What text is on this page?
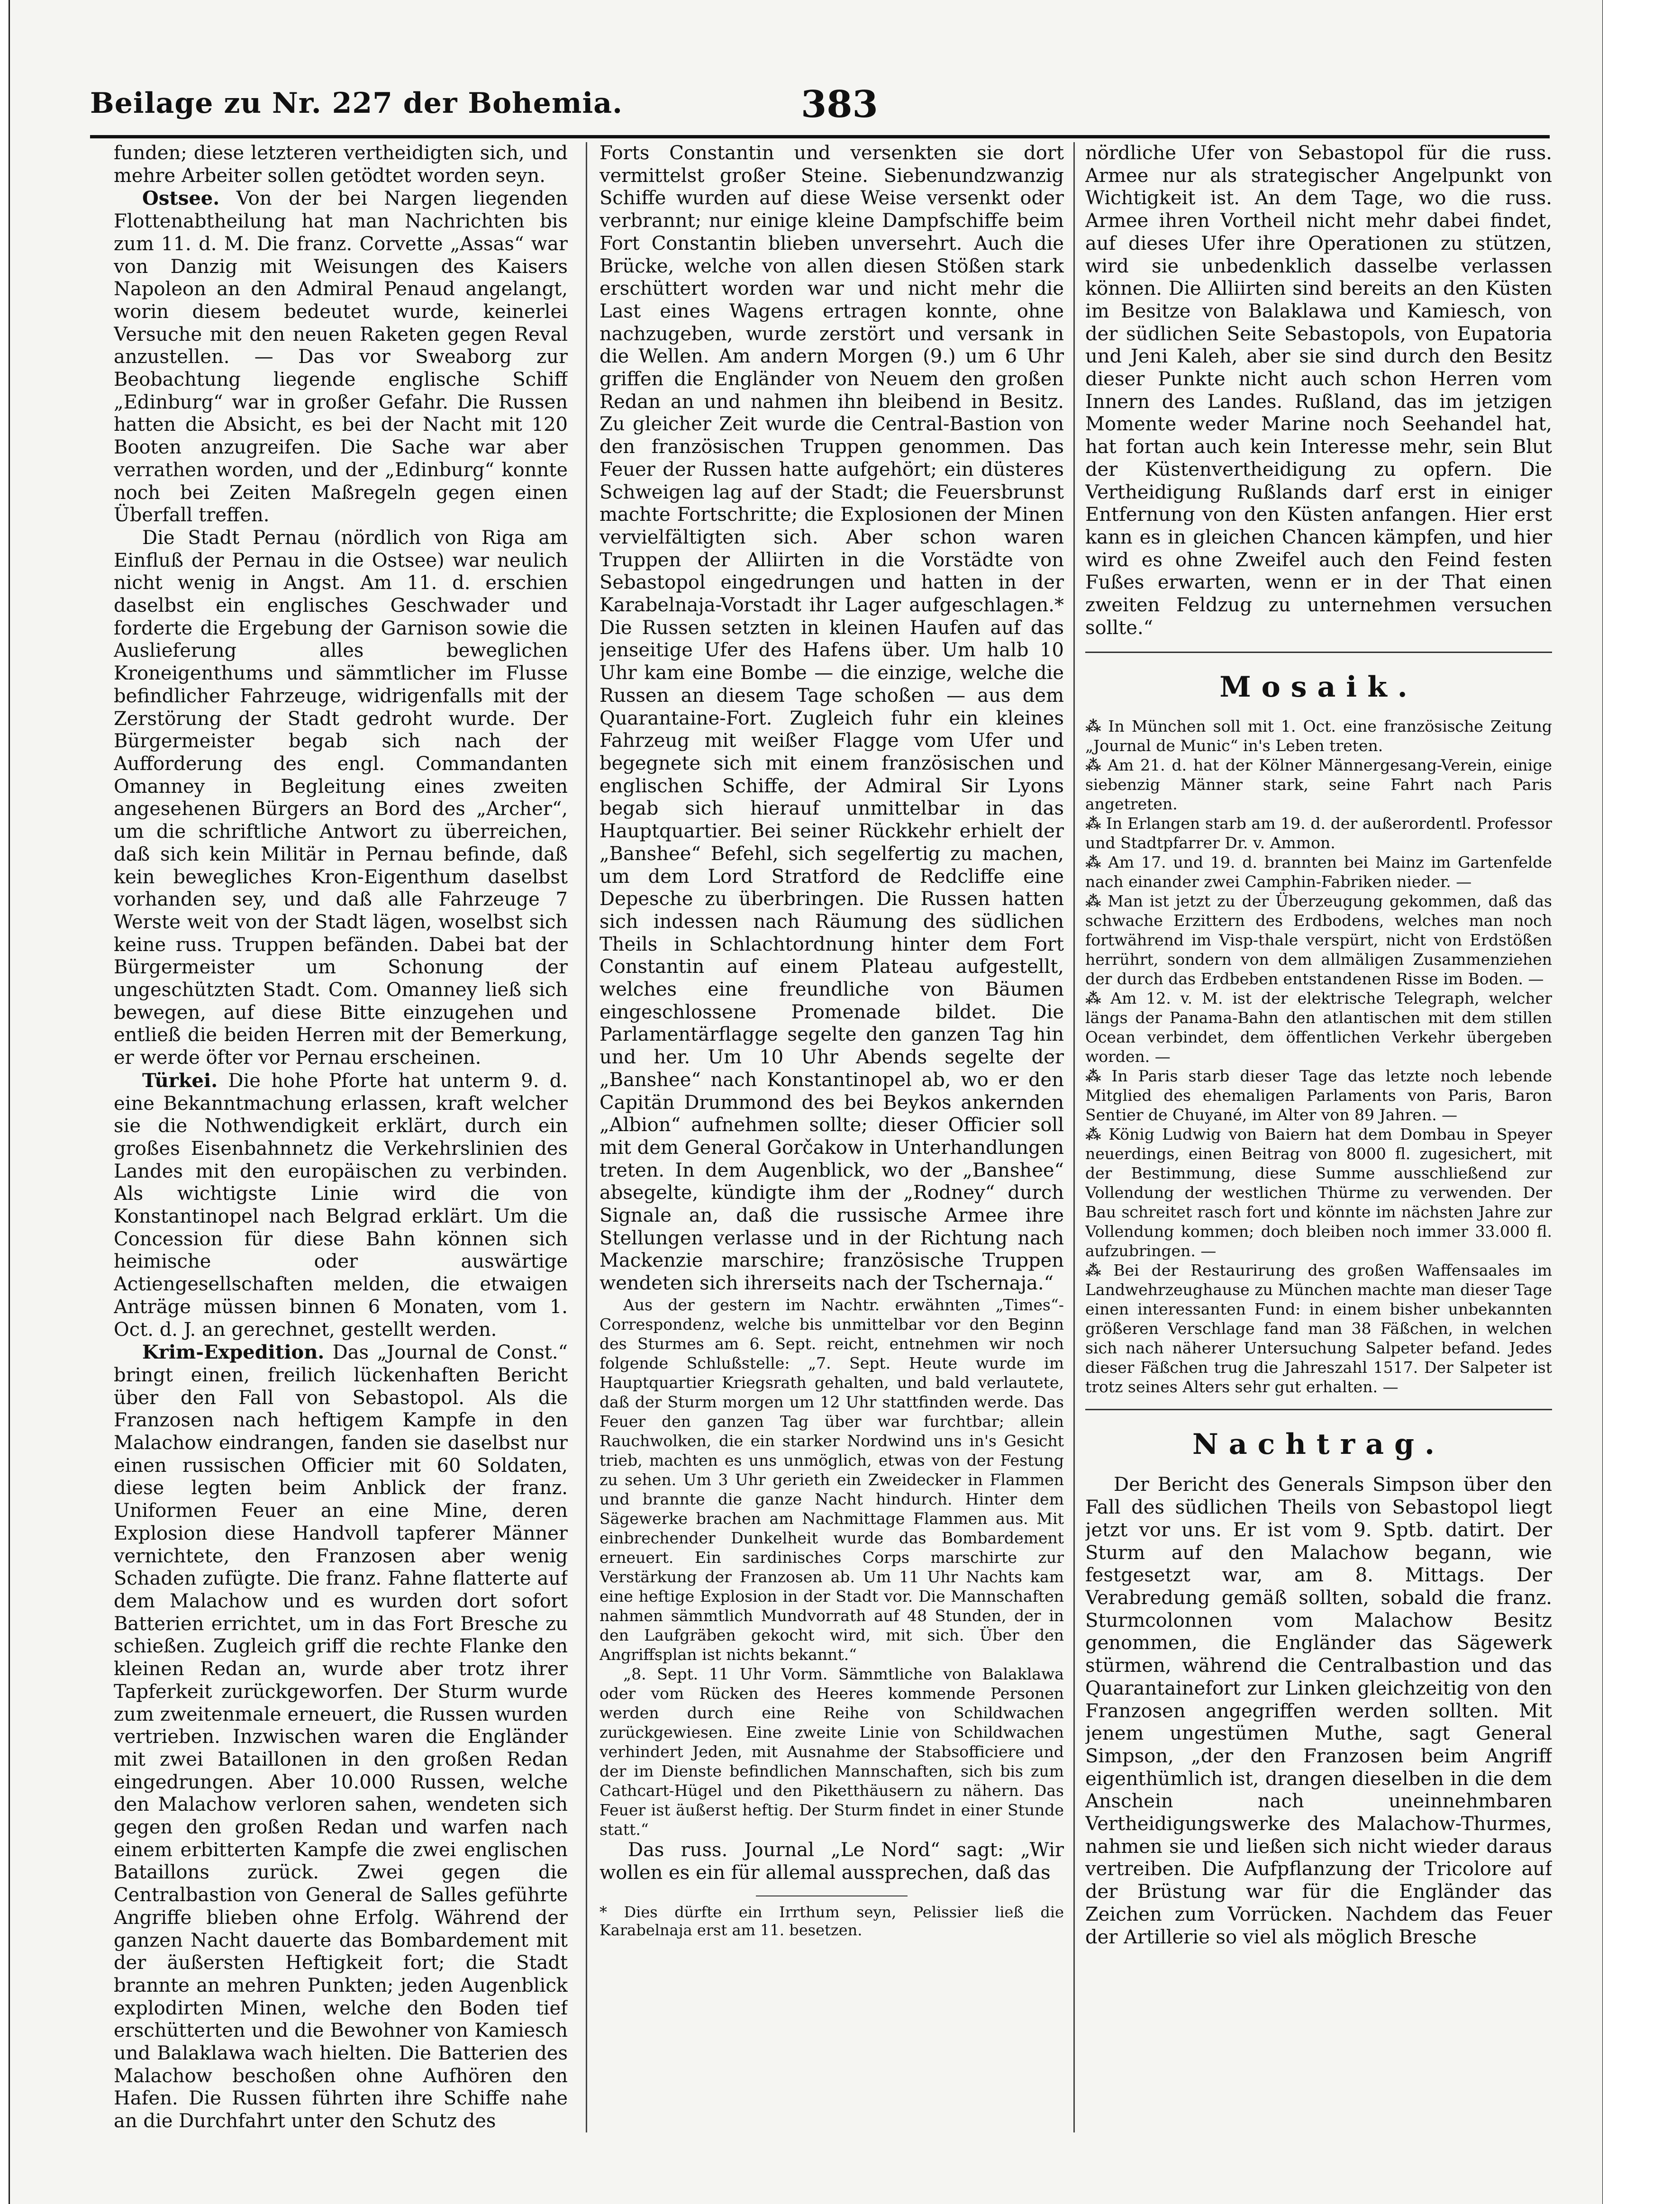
Beilage zu Nr. 227 der Bohemia.	383

funden; diese letzteren vertheidigten sich, und mehre Arbeiter sollen getödtet worden seyn.

Ostsee. Von der bei Nargen liegenden Flottenabtheilung hat man Nachrichten bis zum 11. d. M. Die franz. Corvette „Assas“ war von Danzig mit Weisungen des Kaisers Napoleon an den Admiral Penaud angelangt, worin diesem bedeutet wurde, keinerlei Versuche mit den neuen Raketen gegen Reval anzustellen. — Das vor Sweaborg zur Beobachtung liegende englische Schiff „Edinburg“ war in großer Gefahr. Die Russen hatten die Absicht, es bei der Nacht mit 120 Booten anzugreifen. Die Sache war aber verrathen worden, und der „Edinburg“ konnte noch bei Zeiten Maßregeln gegen einen Überfall treffen.

Die Stadt Pernau (nördlich von Riga am Einfluß der Pernau in die Ostsee) war neulich nicht wenig in Angst. Am 11. d. erschien daselbst ein englisches Geschwader und forderte die Ergebung der Garnison sowie die Auslieferung alles beweglichen Kroneigenthums und sämmtlicher im Flusse befindlicher Fahrzeuge, widrigenfalls mit der Zerstörung der Stadt gedroht wurde. Der Bürgermeister begab sich nach der Aufforderung des engl. Commandanten Omanney in Begleitung eines zweiten angesehenen Bürgers an Bord des „Archer“, um die schriftliche Antwort zu überreichen, daß sich kein Militär in Pernau befinde, daß kein bewegliches Kron-Eigenthum daselbst vorhanden sey, und daß alle Fahrzeuge 7 Werste weit von der Stadt lägen, woselbst sich keine russ. Truppen befänden. Dabei bat der Bürgermeister um Schonung der ungeschützten Stadt. Com. Omanney ließ sich bewegen, auf diese Bitte einzugehen und entließ die beiden Herren mit der Bemerkung, er werde öfter vor Pernau erscheinen.

Türkei. Die hohe Pforte hat unterm 9. d. eine Bekanntmachung erlassen, kraft welcher sie die Nothwendigkeit erklärt, durch ein großes Eisenbahnnetz die Verkehrslinien des Landes mit den europäischen zu verbinden. Als wichtigste Linie wird die von Konstantinopel nach Belgrad erklärt. Um die Concession für diese Bahn können sich heimische oder auswärtige Actiengesellschaften melden, die etwaigen Anträge müssen binnen 6 Monaten, vom 1. Oct. d. J. an gerechnet, gestellt werden.

Krim-Expedition. Das „Journal de Const.“ bringt einen, freilich lückenhaften Bericht über den Fall von Sebastopol. Als die Franzosen nach heftigem Kampfe in den Malachow eindrangen, fanden sie daselbst nur einen russischen Officier mit 60 Soldaten, diese legten beim Anblick der franz. Uniformen Feuer an eine Mine, deren Explosion diese Handvoll tapferer Männer vernichtete, den Franzosen aber wenig Schaden zufügte. Die franz. Fahne flatterte auf dem Malachow und es wurden dort sofort Batterien errichtet, um in das Fort Bresche zu schießen. Zugleich griff die rechte Flanke den kleinen Redan an, wurde aber trotz ihrer Tapferkeit zurückgeworfen. Der Sturm wurde zum zweitenmale erneuert, die Russen wurden vertrieben. Inzwischen waren die Engländer mit zwei Bataillonen in den großen Redan eingedrungen. Aber 10.000 Russen, welche den Malachow verloren sahen, wendeten sich gegen den großen Redan und warfen nach einem erbitterten Kampfe die zwei englischen Bataillons zurück. Zwei gegen die Centralbastion von General de Salles geführte Angriffe blieben ohne Erfolg. Während der ganzen Nacht dauerte das Bombardement mit der äußersten Heftigkeit fort; die Stadt brannte an mehren Punkten; jeden Augenblick explodirten Minen, welche den Boden tief erschütterten und die Bewohner von Kamiesch und Balaklawa wach hielten. Die Batterien des Malachow beschoßen ohne Aufhören den Hafen. Die Russen führten ihre Schiffe nahe an die Durchfahrt unter den Schutz des

Forts Constantin und versenkten sie dort vermittelst großer Steine. Siebenundzwanzig Schiffe wurden auf diese Weise versenkt oder verbrannt; nur einige kleine Dampfschiffe beim Fort Constantin blieben unversehrt. Auch die Brücke, welche von allen diesen Stößen stark erschüttert worden war und nicht mehr die Last eines Wagens ertragen konnte, ohne nachzugeben, wurde zerstört und versank in die Wellen. Am andern Morgen (9.) um 6 Uhr griffen die Engländer von Neuem den großen Redan an und nahmen ihn bleibend in Besitz. Zu gleicher Zeit wurde die Central-Bastion von den französischen Truppen genommen. Das Feuer der Russen hatte aufgehört; ein düsteres Schweigen lag auf der Stadt; die Feuersbrunst machte Fortschritte; die Explosionen der Minen vervielfältigten sich. Aber schon waren Truppen der Alliirten in die Vorstädte von Sebastopol eingedrungen und hatten in der Karabelnaja-Vorstadt ihr Lager aufgeschlagen.* Die Russen setzten in kleinen Haufen auf das jenseitige Ufer des Hafens über. Um halb 10 Uhr kam eine Bombe — die einzige, welche die Russen an diesem Tage schoßen — aus dem Quarantaine-Fort. Zugleich fuhr ein kleines Fahrzeug mit weißer Flagge vom Ufer und begegnete sich mit einem französischen und englischen Schiffe, der Admiral Sir Lyons begab sich hierauf unmittelbar in das Hauptquartier. Bei seiner Rückkehr erhielt der „Banshee“ Befehl, sich segelfertig zu machen, um dem Lord Stratford de Redcliffe eine Depesche zu überbringen. Die Russen hatten sich indessen nach Räumung des südlichen Theils in Schlachtordnung hinter dem Fort Constantin auf einem Plateau aufgestellt, welches eine freundliche von Bäumen eingeschlossene Promenade bildet. Die Parlamentärflagge segelte den ganzen Tag hin und her. Um 10 Uhr Abends segelte der „Banshee“ nach Konstantinopel ab, wo er den Capitän Drummond des bei Beykos ankernden „Albion“ aufnehmen sollte; dieser Officier soll mit dem General Gorčakow in Unterhandlungen treten. In dem Augenblick, wo der „Banshee“ absegelte, kündigte ihm der „Rodney“ durch Signale an, daß die russische Armee ihre Stellungen verlasse und in der Richtung nach Mackenzie marschire; französische Truppen wendeten sich ihrerseits nach der Tschernaja.“

Aus der gestern im Nachtr. erwähnten „Times“-Correspondenz, welche bis unmittelbar vor den Beginn des Sturmes am 6. Sept. reicht, entnehmen wir noch folgende Schlußstelle: „7. Sept. Heute wurde im Hauptquartier Kriegsrath gehalten, und bald verlautete, daß der Sturm morgen um 12 Uhr stattfinden werde. Das Feuer den ganzen Tag über war furchtbar; allein Rauchwolken, die ein starker Nordwind uns in's Gesicht trieb, machten es uns unmöglich, etwas von der Festung zu sehen. Um 3 Uhr gerieth ein Zweidecker in Flammen und brannte die ganze Nacht hindurch. Hinter dem Sägewerke brachen am Nachmittage Flammen aus. Mit einbrechender Dunkelheit wurde das Bombardement erneuert. Ein sardinisches Corps marschirte zur Verstärkung der Franzosen ab. Um 11 Uhr Nachts kam eine heftige Explosion in der Stadt vor. Die Mannschaften nahmen sämmtlich Mundvorrath auf 48 Stunden, der in den Laufgräben gekocht wird, mit sich. Über den Angriffsplan ist nichts bekannt.“

„8. Sept. 11 Uhr Vorm. Sämmtliche von Balaklawa oder vom Rücken des Heeres kommende Personen werden durch eine Reihe von Schildwachen zurückgewiesen. Eine zweite Linie von Schildwachen verhindert Jeden, mit Ausnahme der Stabsofficiere und der im Dienste befindlichen Mannschaften, sich bis zum Cathcart-Hügel und den Piketthäusern zu nähern. Das Feuer ist äußerst heftig. Der Sturm findet in einer Stunde statt.“

Das russ. Journal „Le Nord“ sagt: „Wir wollen es ein für allemal aussprechen, daß das

* Dies dürfte ein Irrthum seyn, Pelissier ließ die Karabelnaja erst am 11. besetzen.

nördliche Ufer von Sebastopol für die russ. Armee nur als strategischer Angelpunkt von Wichtigkeit ist. An dem Tage, wo die russ. Armee ihren Vortheil nicht mehr dabei findet, auf dieses Ufer ihre Operationen zu stützen, wird sie unbedenklich dasselbe verlassen können. Die Alliirten sind bereits an den Küsten im Besitze von Balaklawa und Kamiesch, von der südlichen Seite Sebastopols, von Eupatoria und Jeni Kaleh, aber sie sind durch den Besitz dieser Punkte nicht auch schon Herren vom Innern des Landes. Rußland, das im jetzigen Momente weder Marine noch Seehandel hat, hat fortan auch kein Interesse mehr, sein Blut der Küstenvertheidigung zu opfern. Die Vertheidigung Rußlands darf erst in einiger Entfernung von den Küsten anfangen. Hier erst kann es in gleichen Chancen kämpfen, und hier wird es ohne Zweifel auch den Feind festen Fußes erwarten, wenn er in der That einen zweiten Feldzug zu unternehmen versuchen sollte.“

Mosaik.

⁂ In München soll mit 1. Oct. eine französische Zeitung „Journal de Munic“ in's Leben treten.

⁂ Am 21. d. hat der Kölner Männergesang-Verein, einige siebenzig Männer stark, seine Fahrt nach Paris angetreten.

⁂ In Erlangen starb am 19. d. der außerordentl. Professor und Stadtpfarrer Dr. v. Ammon.

⁂ Am 17. und 19. d. brannten bei Mainz im Gartenfelde nach einander zwei Camphin-Fabriken nieder. —

⁂ Man ist jetzt zu der Überzeugung gekommen, daß das schwache Erzittern des Erdbodens, welches man noch fortwährend im Visp-thale verspürt, nicht von Erdstößen herrührt, sondern von dem allmäligen Zusammenziehen der durch das Erdbeben entstandenen Risse im Boden. —

⁂ Am 12. v. M. ist der elektrische Telegraph, welcher längs der Panama-Bahn den atlantischen mit dem stillen Ocean verbindet, dem öffentlichen Verkehr übergeben worden. —

⁂ In Paris starb dieser Tage das letzte noch lebende Mitglied des ehemaligen Parlaments von Paris, Baron Sentier de Chuyané, im Alter von 89 Jahren. —

⁂ König Ludwig von Baiern hat dem Dombau in Speyer neuerdings, einen Beitrag von 8000 fl. zugesichert, mit der Bestimmung, diese Summe ausschließend zur Vollendung der westlichen Thürme zu verwenden. Der Bau schreitet rasch fort und könnte im nächsten Jahre zur Vollendung kommen; doch bleiben noch immer 33.000 fl. aufzubringen. —

⁂ Bei der Restaurirung des großen Waffensaales im Landwehrzeughause zu München machte man dieser Tage einen interessanten Fund: in einem bisher unbekannten größeren Verschlage fand man 38 Fäßchen, in welchen sich nach näherer Untersuchung Salpeter befand. Jedes dieser Fäßchen trug die Jahreszahl 1517. Der Salpeter ist trotz seines Alters sehr gut erhalten. —

Nachtrag.

Der Bericht des Generals Simpson über den Fall des südlichen Theils von Sebastopol liegt jetzt vor uns. Er ist vom 9. Sptb. datirt. Der Sturm auf den Malachow begann, wie festgesetzt war, am 8. Mittags. Der Verabredung gemäß sollten, sobald die franz. Sturmcolonnen vom Malachow Besitz genommen, die Engländer das Sägewerk stürmen, während die Centralbastion und das Quarantainefort zur Linken gleichzeitig von den Franzosen angegriffen werden sollten. Mit jenem ungestümen Muthe, sagt General Simpson, „der den Franzosen beim Angriff eigenthümlich ist, drangen dieselben in die dem Anschein nach uneinnehmbaren Vertheidigungswerke des Malachow-Thurmes, nahmen sie und ließen sich nicht wieder daraus vertreiben. Die Aufpflanzung der Tricolore auf der Brüstung war für die Engländer das Zeichen zum Vorrücken. Nachdem das Feuer der Artillerie so viel als möglich Bresche
